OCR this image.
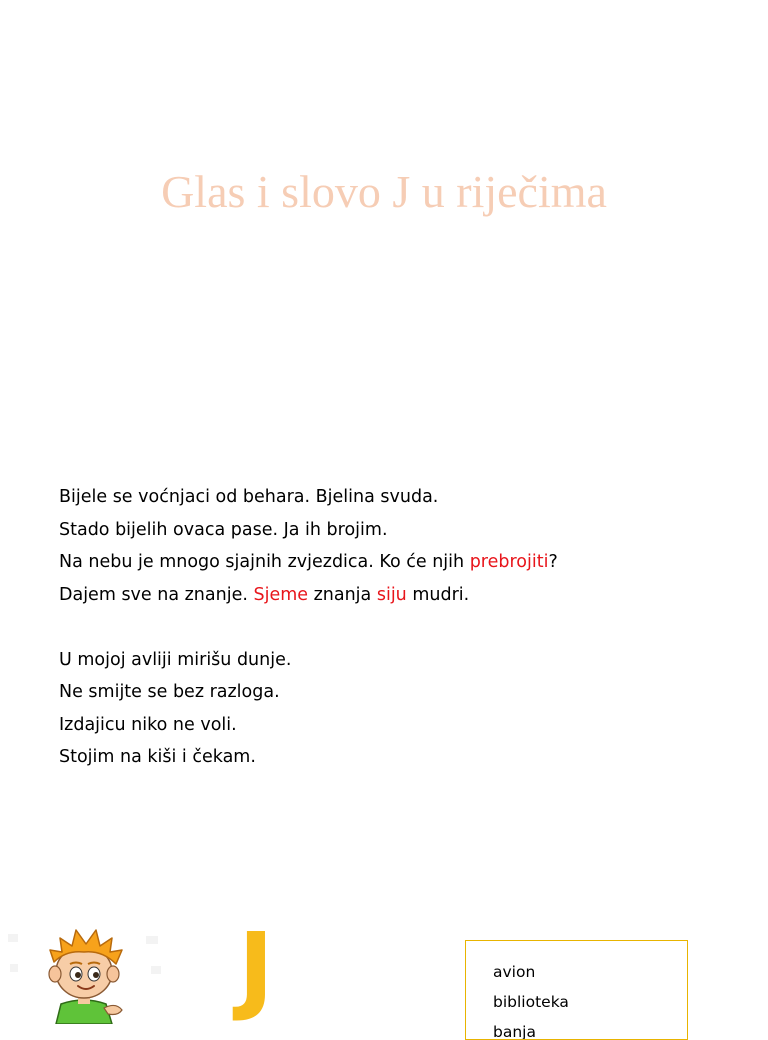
Glas i slovo J u riječima
Bijele se voćnjaci od behara. Bjelina svuda.
Stado bijelih ovaca pase. Ja ih brojim.
Na nebu je mnogo sjajnih zvjezdica. Ko će njih prebrojiti?
Dajem sve na znanje. Sjeme znanja siju mudri.
U mojoj avliji mirišu dunje.
Ne smijte se bez razloga.
Izdajicu niko ne voli.
Stojim na kiši i čekam.
J	avion
biblioteka
banja
